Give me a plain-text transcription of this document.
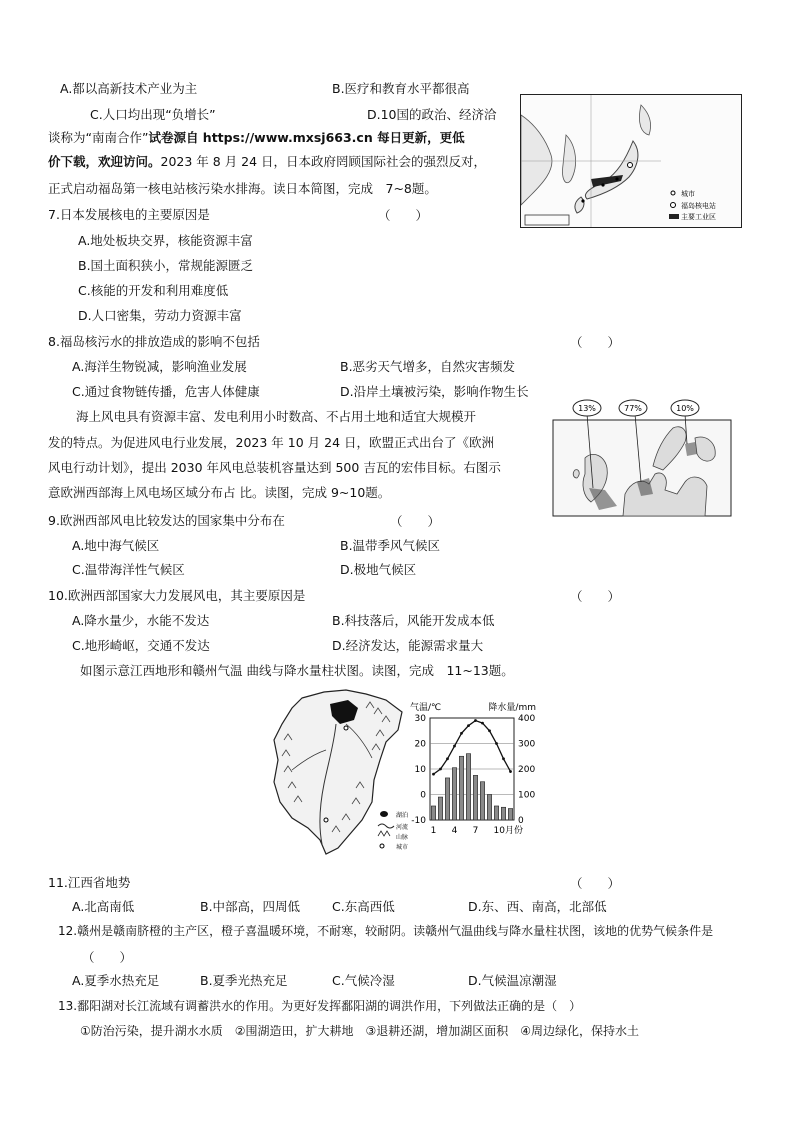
A.都以高新技术产业为主	B.医疗和教育水平都很高
C.人口均出现“负增长”	D.10国的政治、经济洽
谈称为“南南合作”试卷源自 https://www.mxsj663.cn 每日更新，更低
价下载，欢迎访问。2023 年 8 月 24 日，日本政府罔顾国际社会的强烈反对，
正式启动福岛第一核电站核污染水排海。读日本简图，完成　7~8题。	城市
福岛核电站
主要工业区
7.日本发展核电的主要原因是	（　　）
A.地处板块交界，核能资源丰富
B.国土面积狭小，常规能源匮乏
C.核能的开发和利用难度低
D.人口密集，劳动力资源丰富
8.福岛核污水的排放造成的影响不包括	（　　）
A.海洋生物锐减，影响渔业发展	B.恶劣天气增多，自然灾害频发
C.通过食物链传播，危害人体健康	D.沿岸土壤被污染，影响作物生长
海上风电具有资源丰富、发电利用小时数高、不占用土地和适宜大规模开
发的特点。为促进风电行业发展，2023 年 10 月 24 日，欧盟正式出台了《欧洲
风电行动计划》，提出 2030 年风电总装机容量达到 500 吉瓦的宏伟目标。右图示
意欧洲西部海上风电场区域分布占 比。读图，完成 9~10题。
13%	77%	10%
9.欧洲西部风电比较发达的国家集中分布在	（　　）
A.地中海气候区	B.温带季风气候区
C.温带海洋性气候区	D.极地气候区
10.欧洲西部国家大力发展风电，其主要原因是	（　　）
A.降水量少，水能不发达	B.科技落后，风能开发成本低
C.地形崎岖，交通不发达	D.经济发达，能源需求量大
如图示意江西地形和赣州气温 曲线与降水量柱状图。读图，完成　11~13题。
湖泊
河流
山脉
城市
气温/℃	降水量/mm
30
20
10
0
-10
400
300
200
100
0
1 4 7 10月份
11.江西省地势	（　　）
A.北高南低	B.中部高，四周低	C.东高西低	D.东、西、南高，北部低
12.赣州是赣南脐橙的主产区，橙子喜温暖环境，不耐寒，较耐阴。读赣州气温曲线与降水量柱状图，该地的优势气候条件是
（　　）
A.夏季水热充足	B.夏季光热充足	C.气候冷湿	D.气候温凉潮湿
13.鄱阳湖对长江流域有调蓄洪水的作用。为更好发挥鄱阳湖的调洪作用，下列做法正确的是（　）
①防治污染，提升湖水水质　②围湖造田，扩大耕地　③退耕还湖，增加湖区面积　④周边绿化，保持水土
